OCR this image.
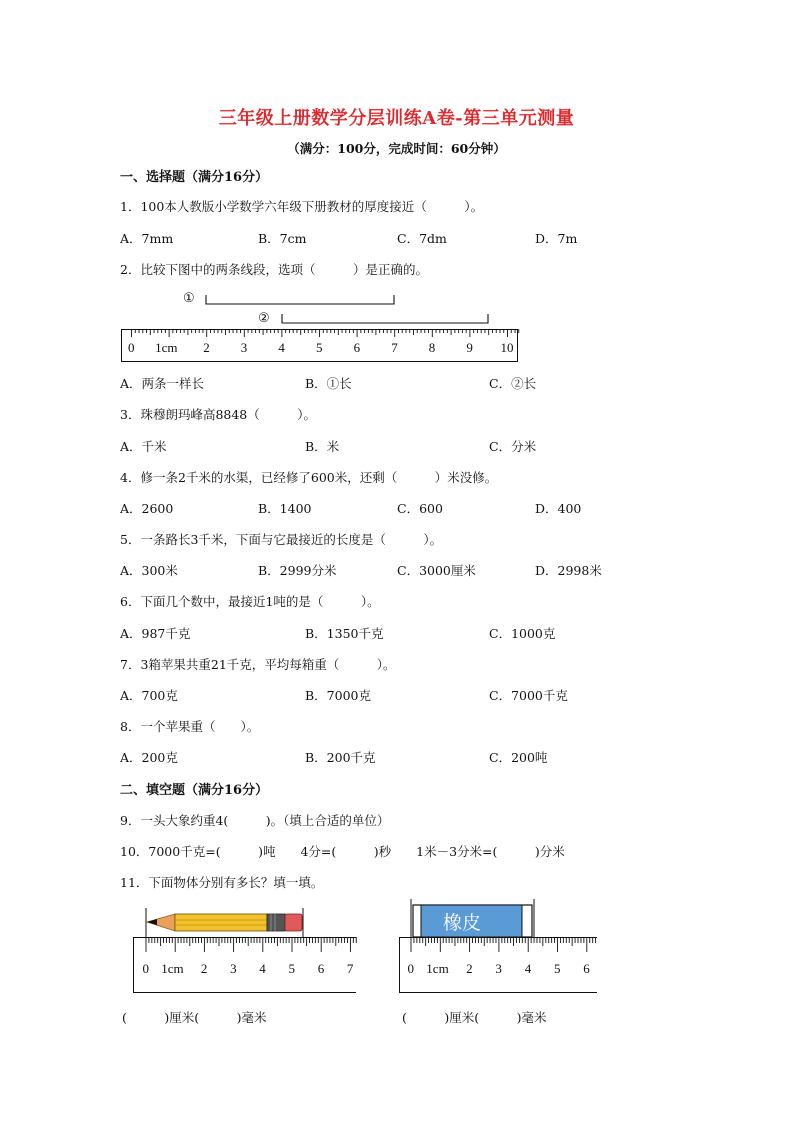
三年级上册数学分层训练A卷-第三单元测量
（满分：100分，完成时间：60分钟）
一、选择题（满分16分）
1．100本人教版小学数学六年级下册教材的厚度接近（　　　）。
A．7mm	B．7cm	C．7dm	D．7m
2．比较下图中的两条线段，选项（　　　）是正确的。
①
②
0 1cm 2 3 4 5 6 7 8 9 10
A．两条一样长	B．①长	C．②长
3．珠穆朗玛峰高8848（　　　）。
A．千米	B．米	C．分米
4．修一条2千米的水渠，已经修了600米，还剩（　　　）米没修。
A．2600	B．1400	C．600	D．400
5．一条路长3千米，下面与它最接近的长度是（　　　）。
A．300米	B．2999分米	C．3000厘米	D．2998米
6．下面几个数中，最接近1吨的是（　　　）。
A．987千克	B．1350千克	C．1000克
7．3箱苹果共重21千克，平均每箱重（　　　）。
A．700克	B．7000克	C．7000千克
8．一个苹果重（　　）。
A．200克	B．200千克	C．200吨
二、填空题（满分16分）
9．一头大象约重4(　　　)。（填上合适的单位）
10．7000千克=(　　　)吨　　4分=(　　　)秒　　1米－3分米=(　　　)分米
11．下面物体分别有多长？填一填。
0 1cm 2 3 4 5 6 7
(　　　)厘米(　　　)毫米
橡皮
0 1cm 2 3 4 5 6
(　　　)厘米(　　　)毫米
